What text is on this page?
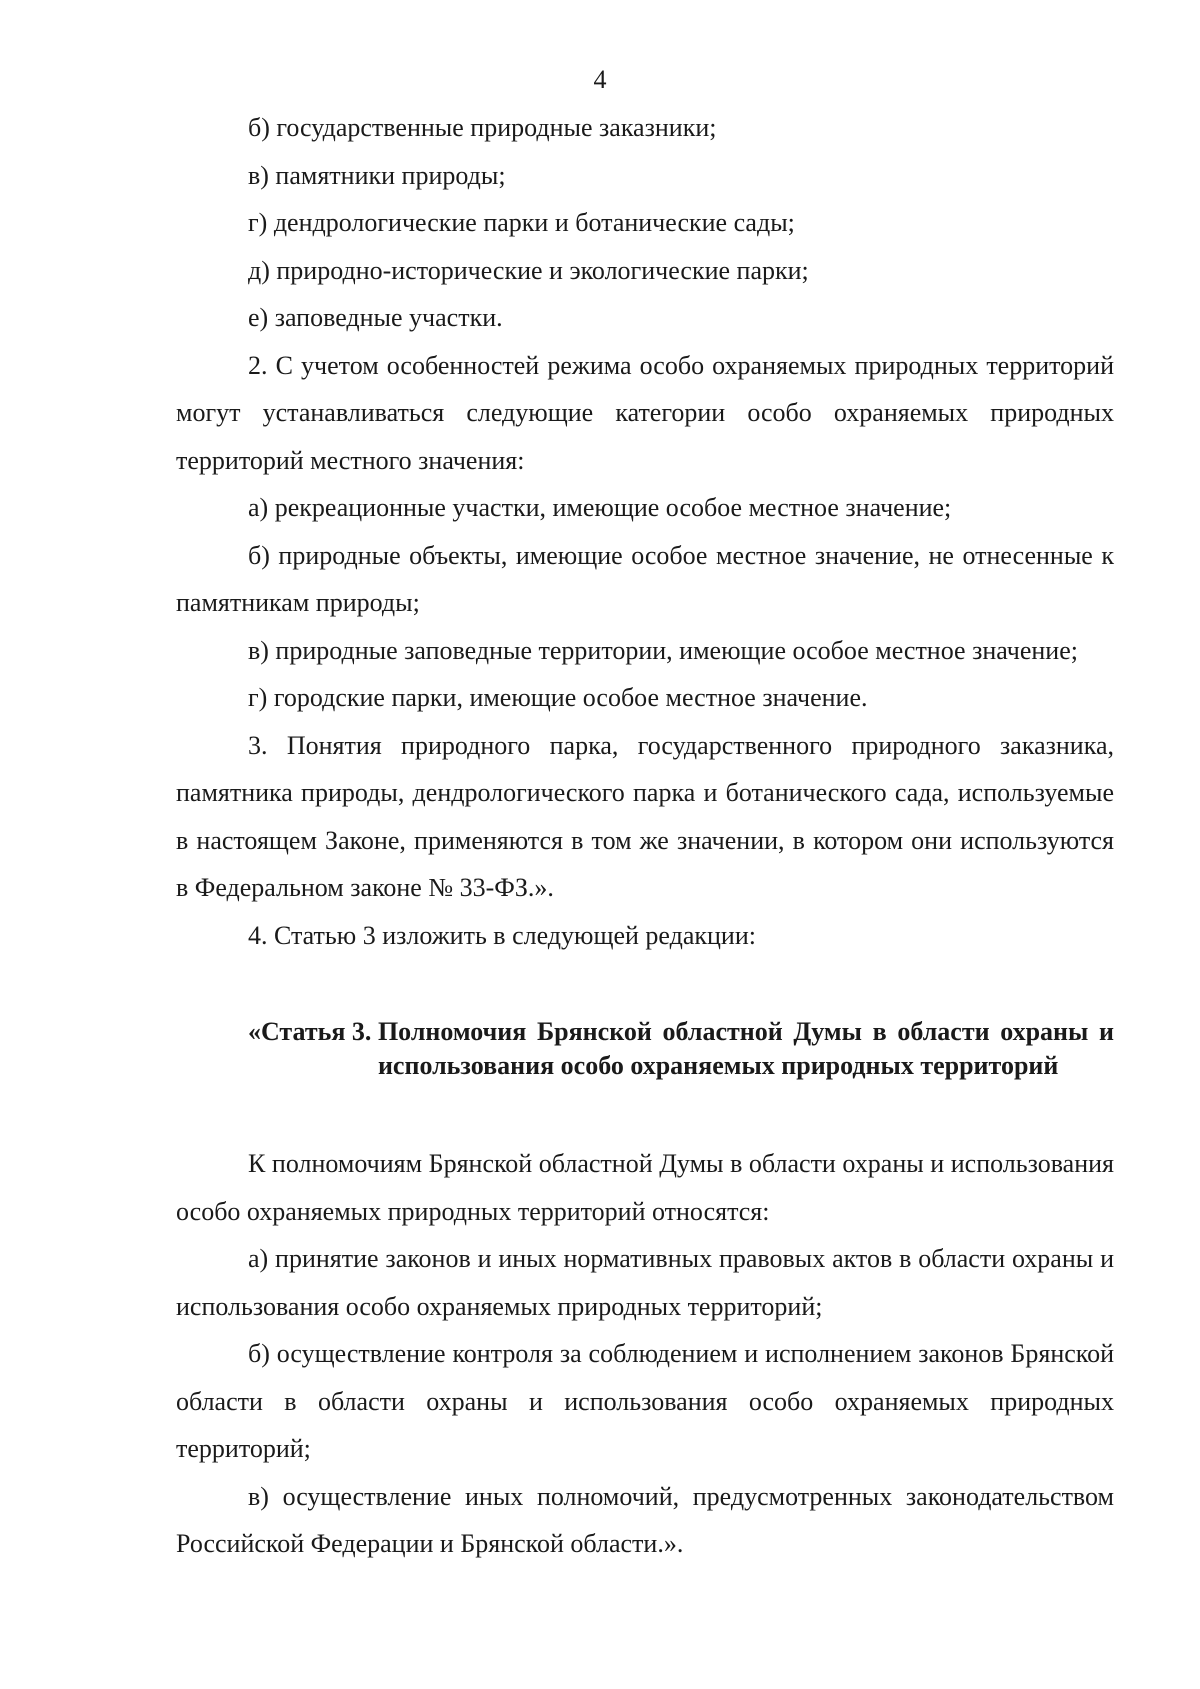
4

б) государственные природные заказники;

в) памятники природы;

г) дендрологические парки и ботанические сады;

д) природно-исторические и экологические парки;

е) заповедные участки.

2. С учетом особенностей режима особо охраняемых природных территорий могут устанавливаться следующие категории особо охраняемых природных территорий местного значения:

а) рекреационные участки, имеющие особое местное значение;

б) природные объекты, имеющие особое местное значение, не отнесенные к памятникам природы;

в) природные заповедные территории, имеющие особое местное значение;

г) городские парки, имеющие особое местное значение.

3. Понятия природного парка, государственного природного заказника, памятника природы, дендрологического парка и ботанического сада, используемые в настоящем Законе, применяются в том же значении, в котором они используются в Федеральном законе № 33-ФЗ.».

4. Статью 3 изложить в следующей редакции:

«Статья 3.
Полномочия Брянской областной Думы в области охраны и использования особо охраняемых природных территорий

К полномочиям Брянской областной Думы в области охраны и использования особо охраняемых природных территорий относятся:

а) принятие законов и иных нормативных правовых актов в области охраны и использования особо охраняемых природных территорий;

б) осуществление контроля за соблюдением и исполнением законов Брянской области в области охраны и использования особо охраняемых природных территорий;

в) осуществление иных полномочий, предусмотренных законодательством Российской Федерации и Брянской области.».
